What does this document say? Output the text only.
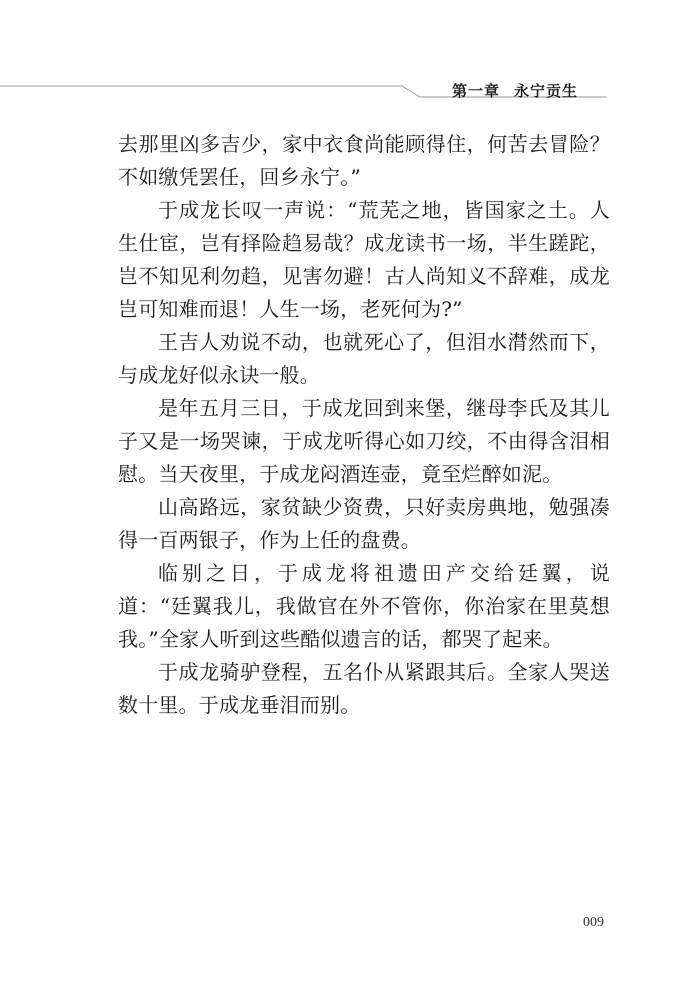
第一章 永宁贡生

去那里凶多吉少，家中衣食尚能顾得住，何苦去冒险？不如缴凭罢任，回乡永宁。”

于成龙长叹一声说：“荒芜之地，皆国家之土。人生仕宦，岂有择险趋易哉？成龙读书一场，半生蹉跎，岂不知见利勿趋，见害勿避！古人尚知义不辞难，成龙岂可知难而退！人生一场，老死何为?”

王吉人劝说不动，也就死心了，但泪水潸然而下，与成龙好似永诀一般。

是年五月三日，于成龙回到来堡，继母李氏及其儿子又是一场哭谏，于成龙听得心如刀绞，不由得含泪相慰。当天夜里，于成龙闷酒连壶，竟至烂醉如泥。

山高路远，家贫缺少资费，只好卖房典地，勉强凑得一百两银子，作为上任的盘费。

临别之日，于成龙将祖遗田产交给廷翼，说道：“廷翼我儿，我做官在外不管你，你治家在里莫想我。”全家人听到这些酷似遗言的话，都哭了起来。

于成龙骑驴登程，五名仆从紧跟其后。全家人哭送数十里。于成龙垂泪而别。

009
